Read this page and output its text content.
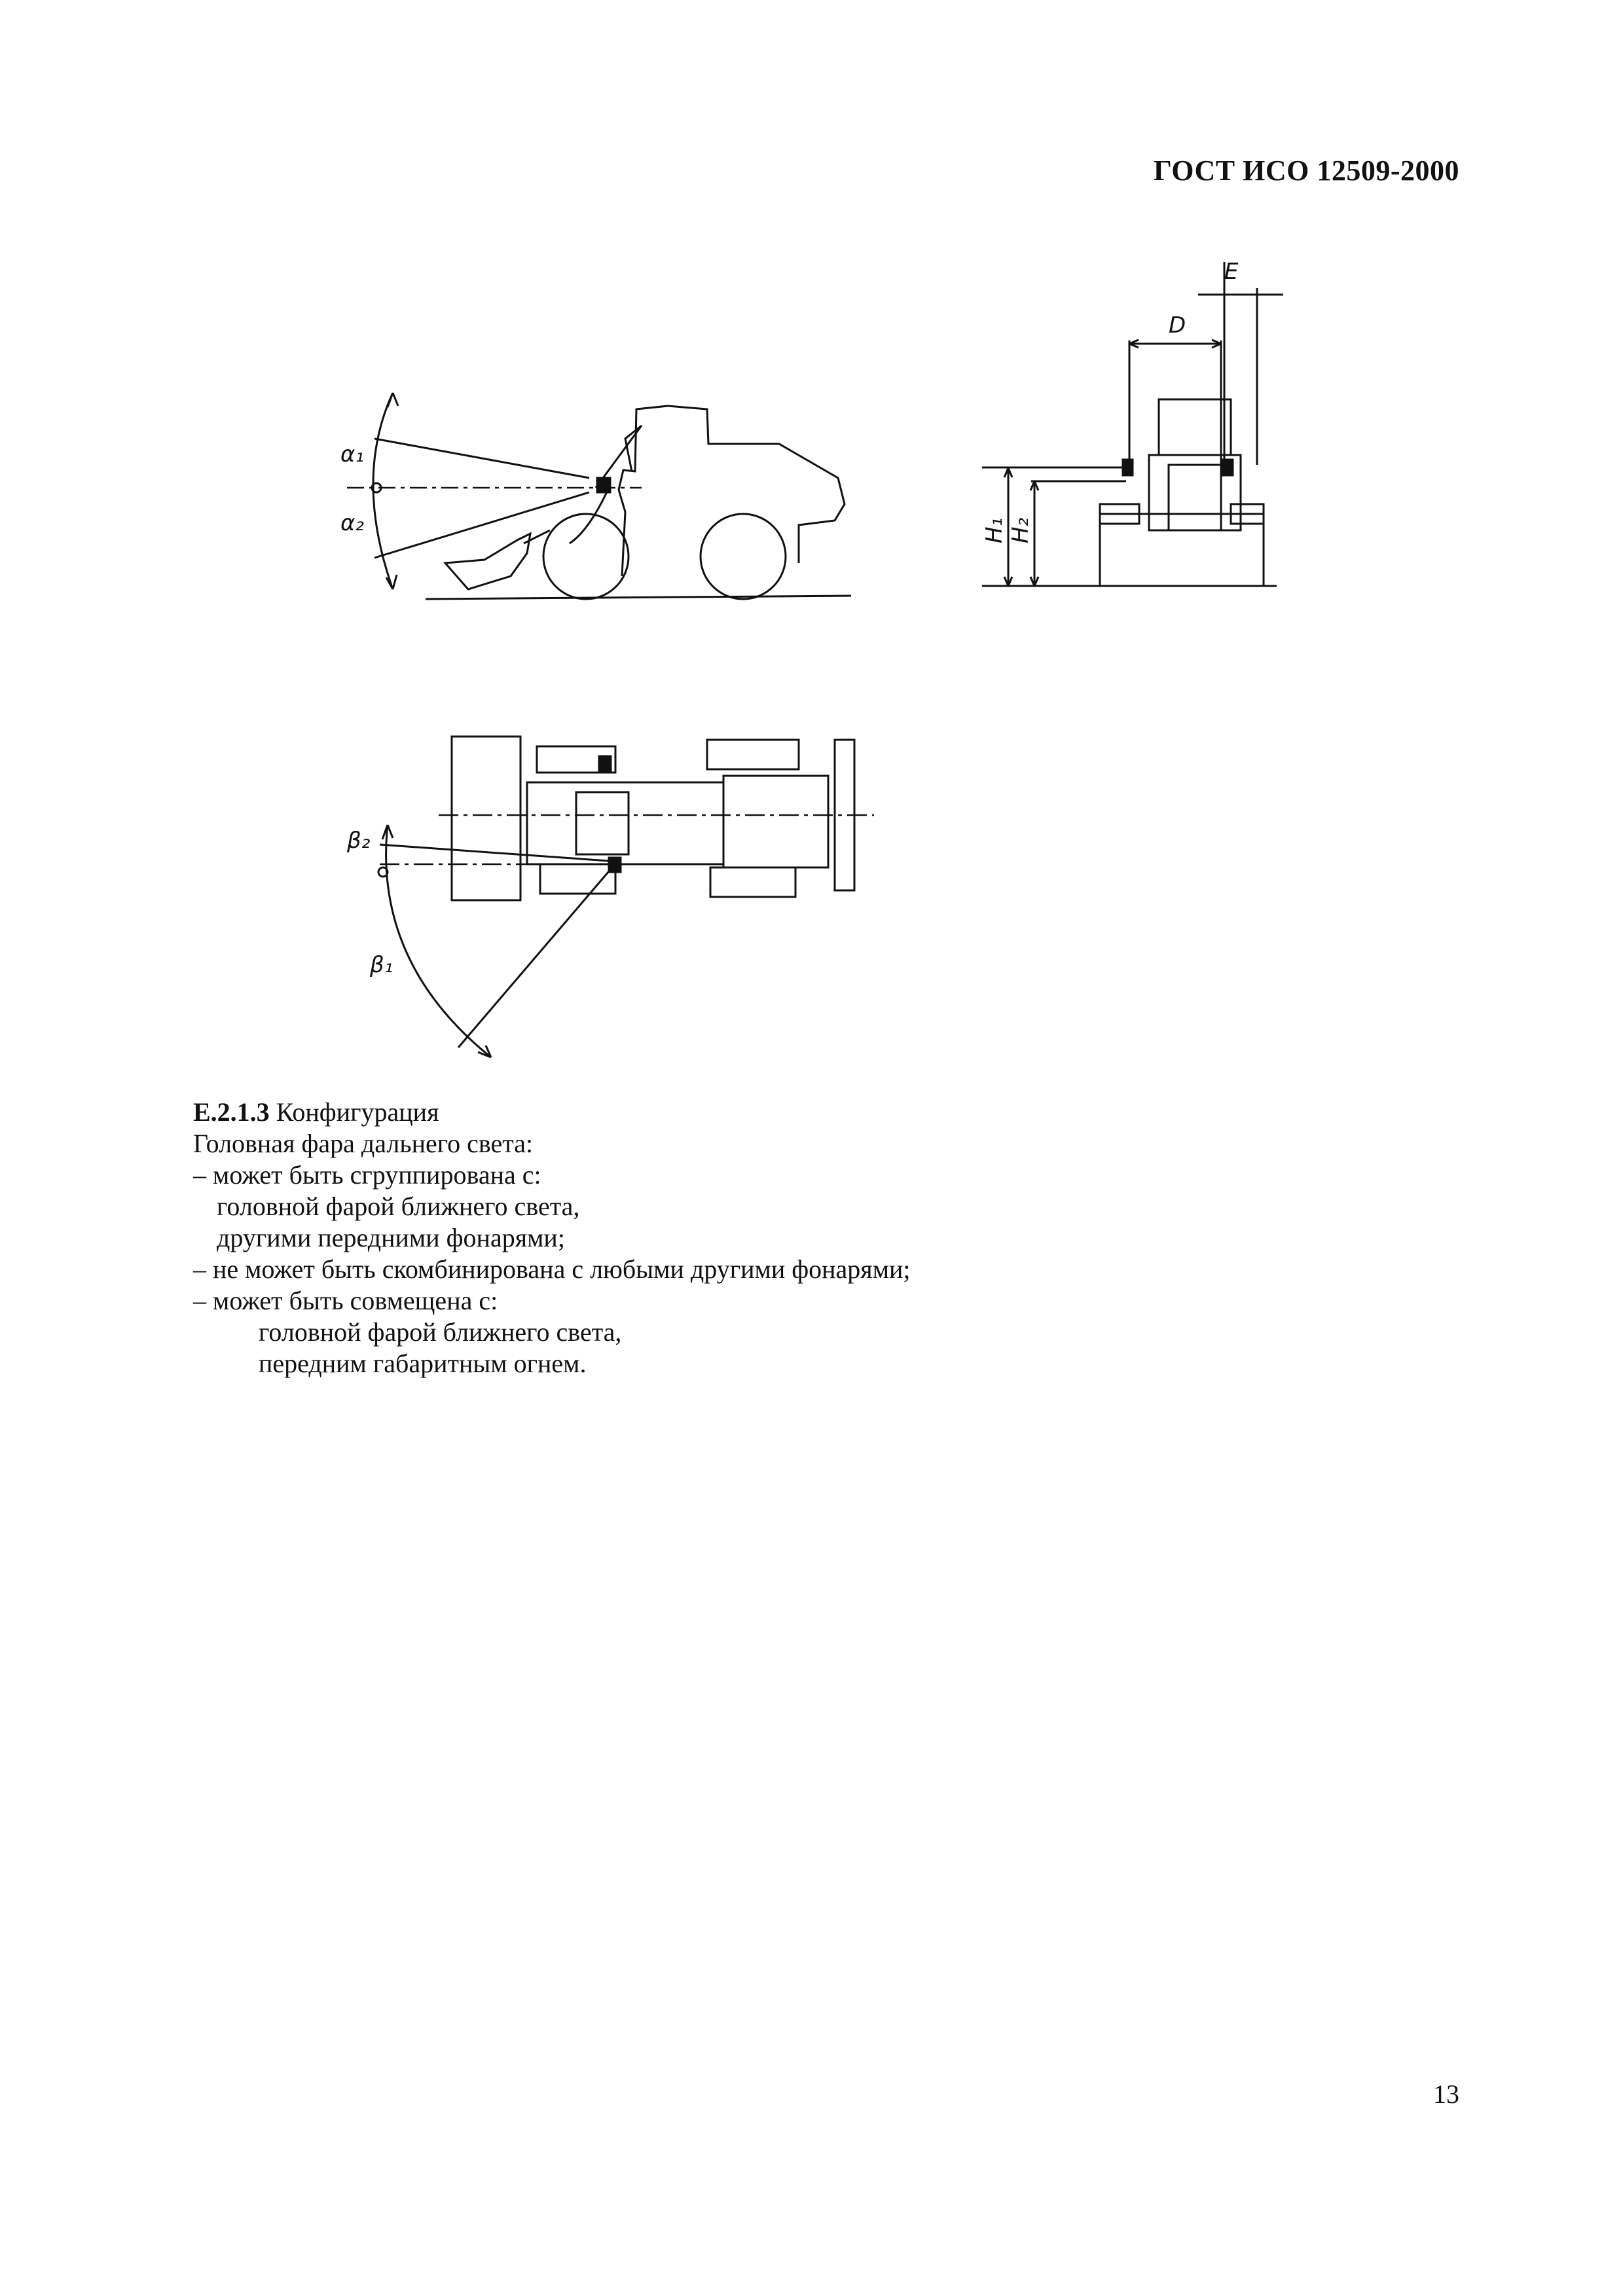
ГОСТ ИСО 12509-2000
α₁
α₂
E
D
H₁ H₂
β₂
β₁
Е.2.1.3 Конфигурация
Головная фара дальнего света:
– может быть сгруппирована с:
головной фарой ближнего света,
другими передними фонарями;
– не может быть скомбинирована с любыми другими фонарями;
– может быть совмещена с:
головной фарой ближнего света,
передним габаритным огнем.
13
